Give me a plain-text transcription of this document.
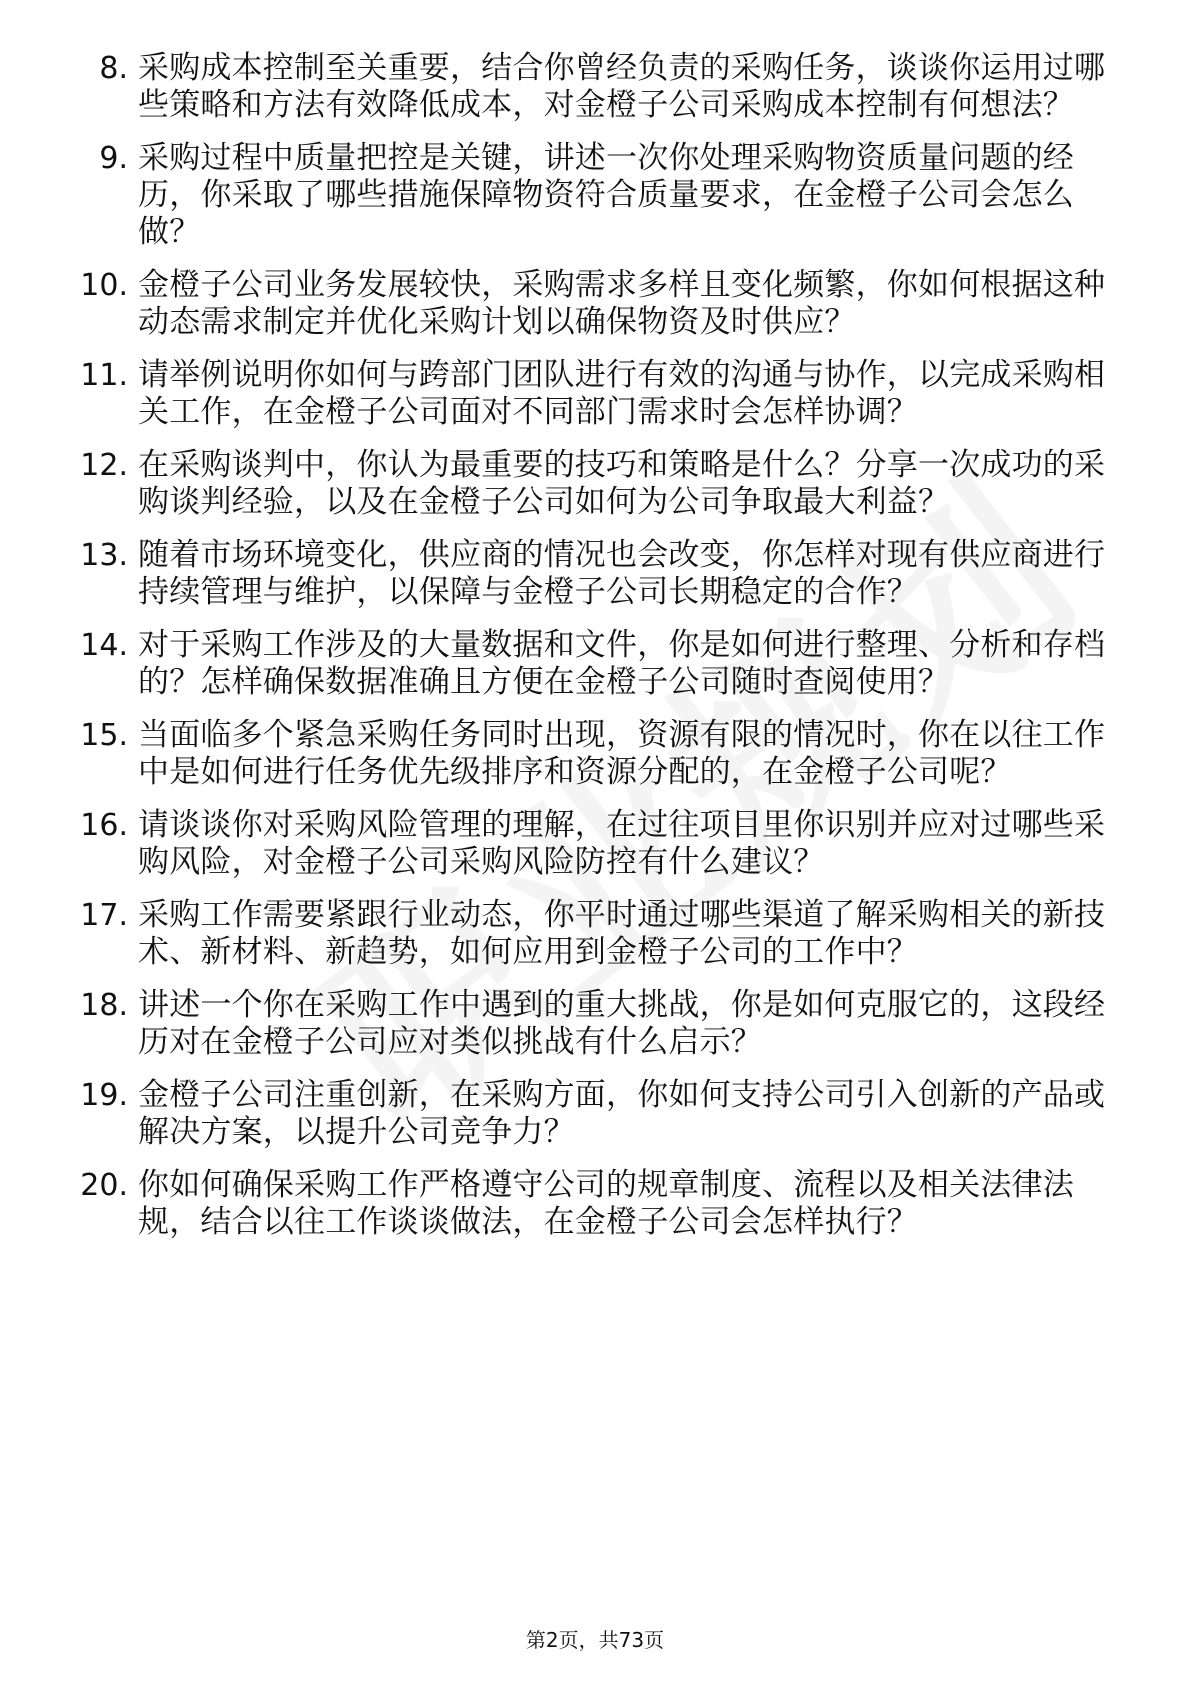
8. 采购成本控制至关重要，结合你曾经负责的采购任务，谈谈你运用过哪些策略和方法有效降低成本，对金橙子公司采购成本控制有何想法？
9. 采购过程中质量把控是关键，讲述一次你处理采购物资质量问题的经历，你采取了哪些措施保障物资符合质量要求，在金橙子公司会怎么做？
10. 金橙子公司业务发展较快，采购需求多样且变化频繁，你如何根据这种动态需求制定并优化采购计划以确保物资及时供应？
11. 请举例说明你如何与跨部门团队进行有效的沟通与协作，以完成采购相关工作，在金橙子公司面对不同部门需求时会怎样协调？
12. 在采购谈判中，你认为最重要的技巧和策略是什么？分享一次成功的采购谈判经验，以及在金橙子公司如何为公司争取最大利益？
13. 随着市场环境变化，供应商的情况也会改变，你怎样对现有供应商进行持续管理与维护，以保障与金橙子公司长期稳定的合作？
14. 对于采购工作涉及的大量数据和文件，你是如何进行整理、分析和存档的？怎样确保数据准确且方便在金橙子公司随时查阅使用？
15. 当面临多个紧急采购任务同时出现，资源有限的情况时，你在以往工作中是如何进行任务优先级排序和资源分配的，在金橙子公司呢？
16. 请谈谈你对采购风险管理的理解，在过往项目里你识别并应对过哪些采购风险，对金橙子公司采购风险防控有什么建议？
17. 采购工作需要紧跟行业动态，你平时通过哪些渠道了解采购相关的新技术、新材料、新趋势，如何应用到金橙子公司的工作中？
18. 讲述一个你在采购工作中遇到的重大挑战，你是如何克服它的，这段经历对在金橙子公司应对类似挑战有什么启示？
19. 金橙子公司注重创新，在采购方面，你如何支持公司引入创新的产品或解决方案，以提升公司竞争力？
20. 你如何确保采购工作严格遵守公司的规章制度、流程以及相关法律法规，结合以往工作谈谈做法，在金橙子公司会怎样执行？
第2页，共73页
